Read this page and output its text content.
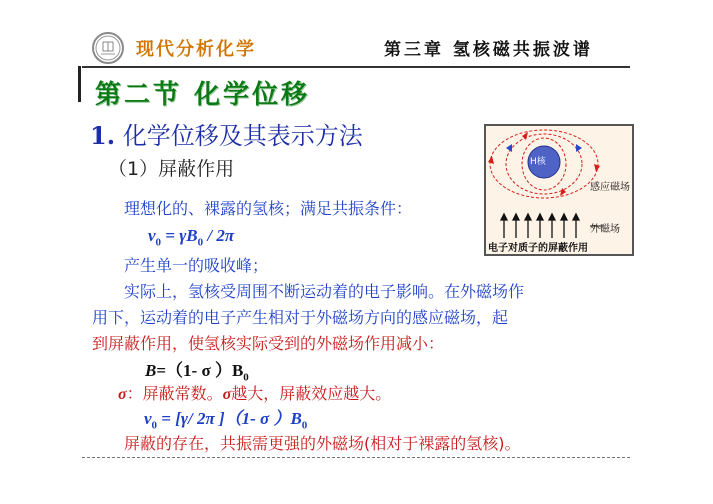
现代分析化学	第三章 氢核磁共振波谱
第二节 化学位移
1. 化学位移及其表示方法
（1）屏蔽作用
理想化的、裸露的氢核；满足共振条件：
$\nu_0 = \gamma B_0 / 2\pi$
产生单一的吸收峰；
实际上，氢核受周围不断运动着的电子影响。在外磁场作
用下，运动着的电子产生相对于外磁场方向的感应磁场，起
到屏蔽作用，使氢核实际受到的外磁场作用减小：
B=（1- σ ）$B_0$
σ：屏蔽常数。σ越大，屏蔽效应越大。
$\nu_0 = [\gamma/$ 2π ]（1- σ ）$B_0$
屏蔽的存在，共振需更强的外磁场(相对于裸露的氢核)。
H核
感应磁场
外磁场
电子对质子的屏蔽作用
